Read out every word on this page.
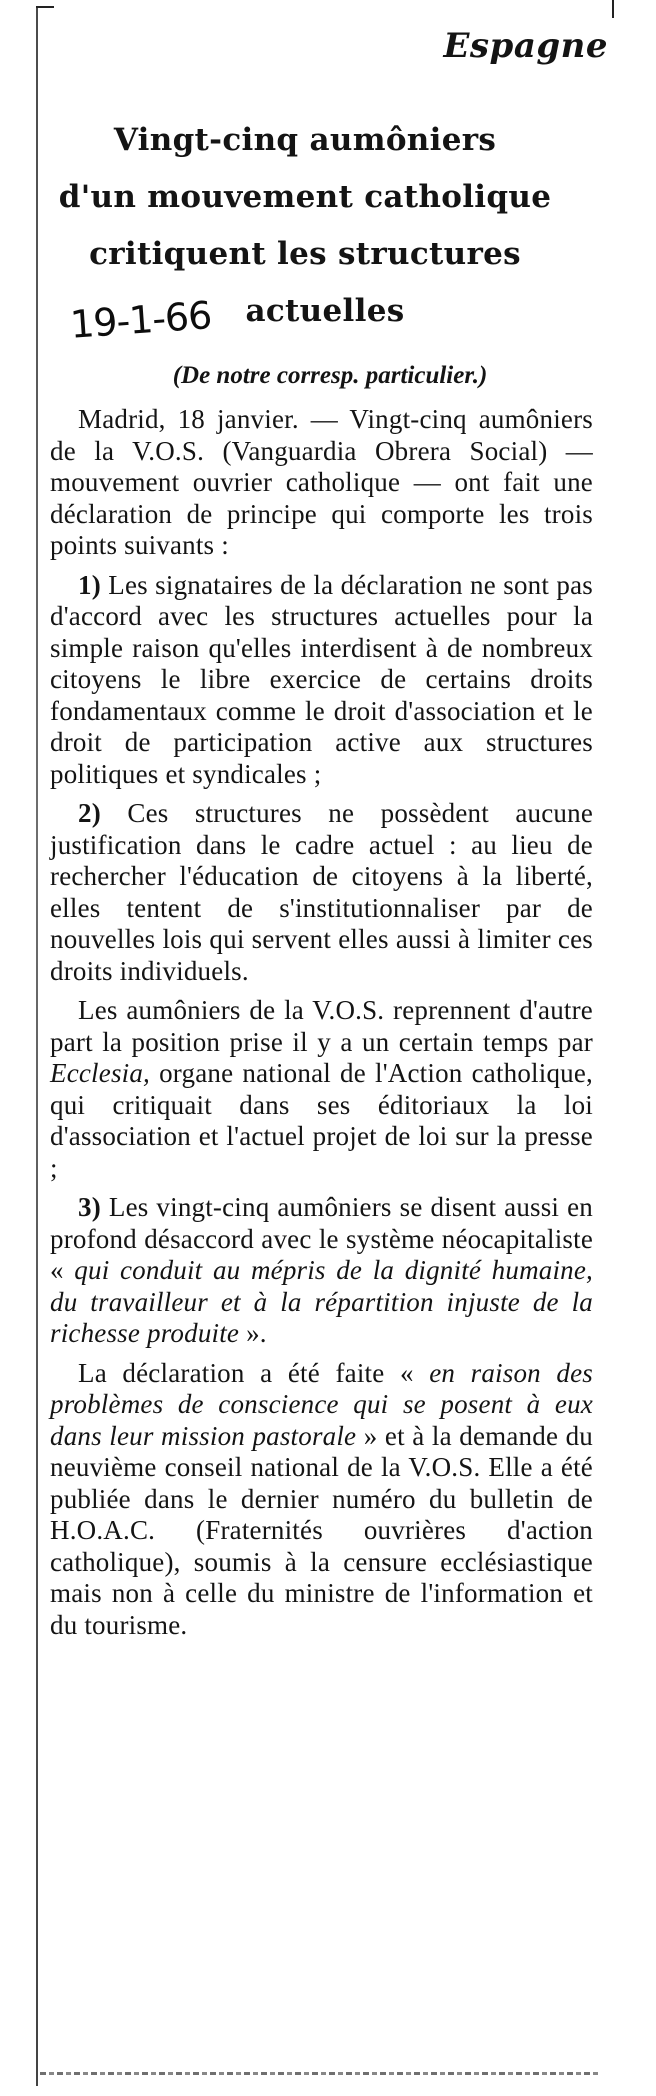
Espagne
Vingt-cinq aumôniers
d'un mouvement catholique
critiquent les structures
actuelles
19-1-66
(De notre corresp. particulier.)

Madrid, 18 janvier. — Vingt-cinq aumôniers de la V.O.S. (Vanguardia Obrera Social) — mouvement ouvrier catholique — ont fait une déclaration de principe qui comporte les trois points suivants :

1) Les signataires de la déclaration ne sont pas d'accord avec les structures actuelles pour la simple raison qu'elles interdisent à de nombreux citoyens le libre exercice de certains droits fondamentaux comme le droit d'association et le droit de participation active aux structures politiques et syndicales ;

2) Ces structures ne possèdent aucune justification dans le cadre actuel : au lieu de rechercher l'éducation de citoyens à la liberté, elles tentent de s'institutionnaliser par de nouvelles lois qui servent elles aussi à limiter ces droits individuels.

Les aumôniers de la V.O.S. reprennent d'autre part la position prise il y a un certain temps par Ecclesia, organe national de l'Action catholique, qui critiquait dans ses éditoriaux la loi d'association et l'actuel projet de loi sur la presse ;

3) Les vingt-cinq aumôniers se disent aussi en profond désaccord avec le système néocapitaliste « qui conduit au mépris de la dignité humaine, du travailleur et à la répartition injuste de la richesse produite ».

La déclaration a été faite « en raison des problèmes de conscience qui se posent à eux dans leur mission pastorale » et à la demande du neuvième conseil national de la V.O.S. Elle a été publiée dans le dernier numéro du bulletin de H.O.A.C. (Fraternités ouvrières d'action catholique), soumis à la censure ecclésiastique mais non à celle du ministre de l'information et du tourisme.
